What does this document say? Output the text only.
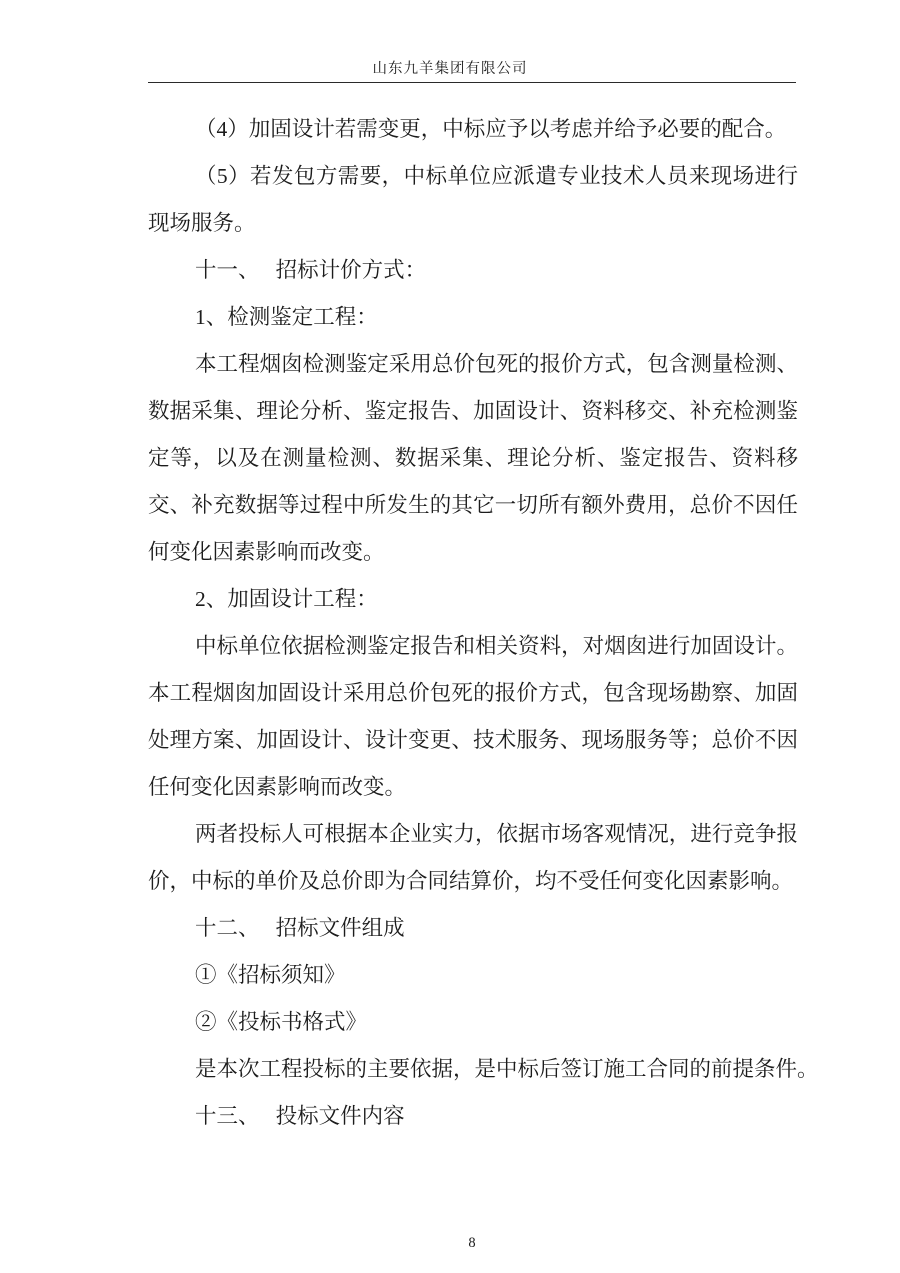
山东九羊集团有限公司

（4）加固设计若需变更，中标应予以考虑并给予必要的配合。

（5）若发包方需要，中标单位应派遣专业技术人员来现场进行现场服务。

十一、　 招标计价方式：

1、检测鉴定工程：

本工程烟囱检测鉴定采用总价包死的报价方式，包含测量检测、数据采集、理论分析、鉴定报告、加固设计、资料移交、补充检测鉴定等，以及在测量检测、数据采集、理论分析、鉴定报告、资料移交、补充数据等过程中所发生的其它一切所有额外费用，总价不因任何变化因素影响而改变。

2、加固设计工程：

中标单位依据检测鉴定报告和相关资料，对烟囱进行加固设计。本工程烟囱加固设计采用总价包死的报价方式，包含现场勘察、加固处理方案、加固设计、设计变更、技术服务、现场服务等；总价不因任何变化因素影响而改变。

两者投标人可根据本企业实力，依据市场客观情况，进行竞争报价，中标的单价及总价即为合同结算价，均不受任何变化因素影响。

十二、　 招标文件组成

①《招标须知》

②《投标书格式》

是本次工程投标的主要依据，是中标后签订施工合同的前提条件。

十三、　 投标文件内容

8
